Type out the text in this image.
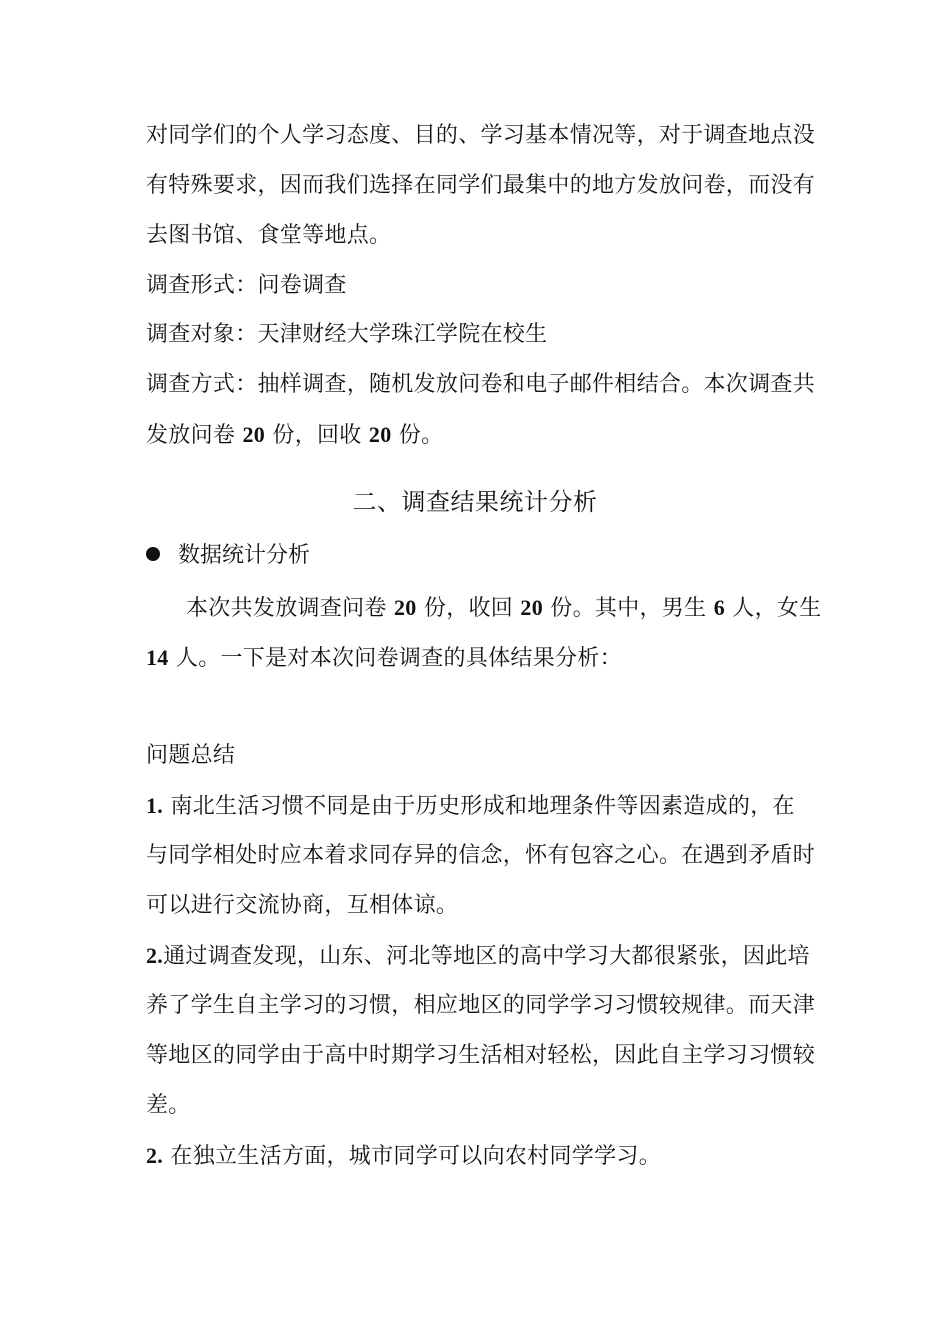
对同学们的个人学习态度、目的、学习基本情况等，对于调查地点没
有特殊要求，因而我们选择在同学们最集中的地方发放问卷，而没有
去图书馆、食堂等地点。
调查形式：问卷调查
调查对象：天津财经大学珠江学院在校生
调查方式：抽样调查，随机发放问卷和电子邮件相结合。本次调查共
发放问卷 20 份，回收 20 份。
二、调查结果统计分析
数据统计分析
本次共发放调查问卷 20 份，收回 20 份。其中，男生 6 人，女生
14 人。一下是对本次问卷调查的具体结果分析：
问题总结
1. 南北生活习惯不同是由于历史形成和地理条件等因素造成的，在
与同学相处时应本着求同存异的信念，怀有包容之心。在遇到矛盾时
可以进行交流协商，互相体谅。
2.通过调查发现，山东、河北等地区的高中学习大都很紧张，因此培
养了学生自主学习的习惯，相应地区的同学学习习惯较规律。而天津
等地区的同学由于高中时期学习生活相对轻松，因此自主学习习惯较
差。
2. 在独立生活方面，城市同学可以向农村同学学习。
